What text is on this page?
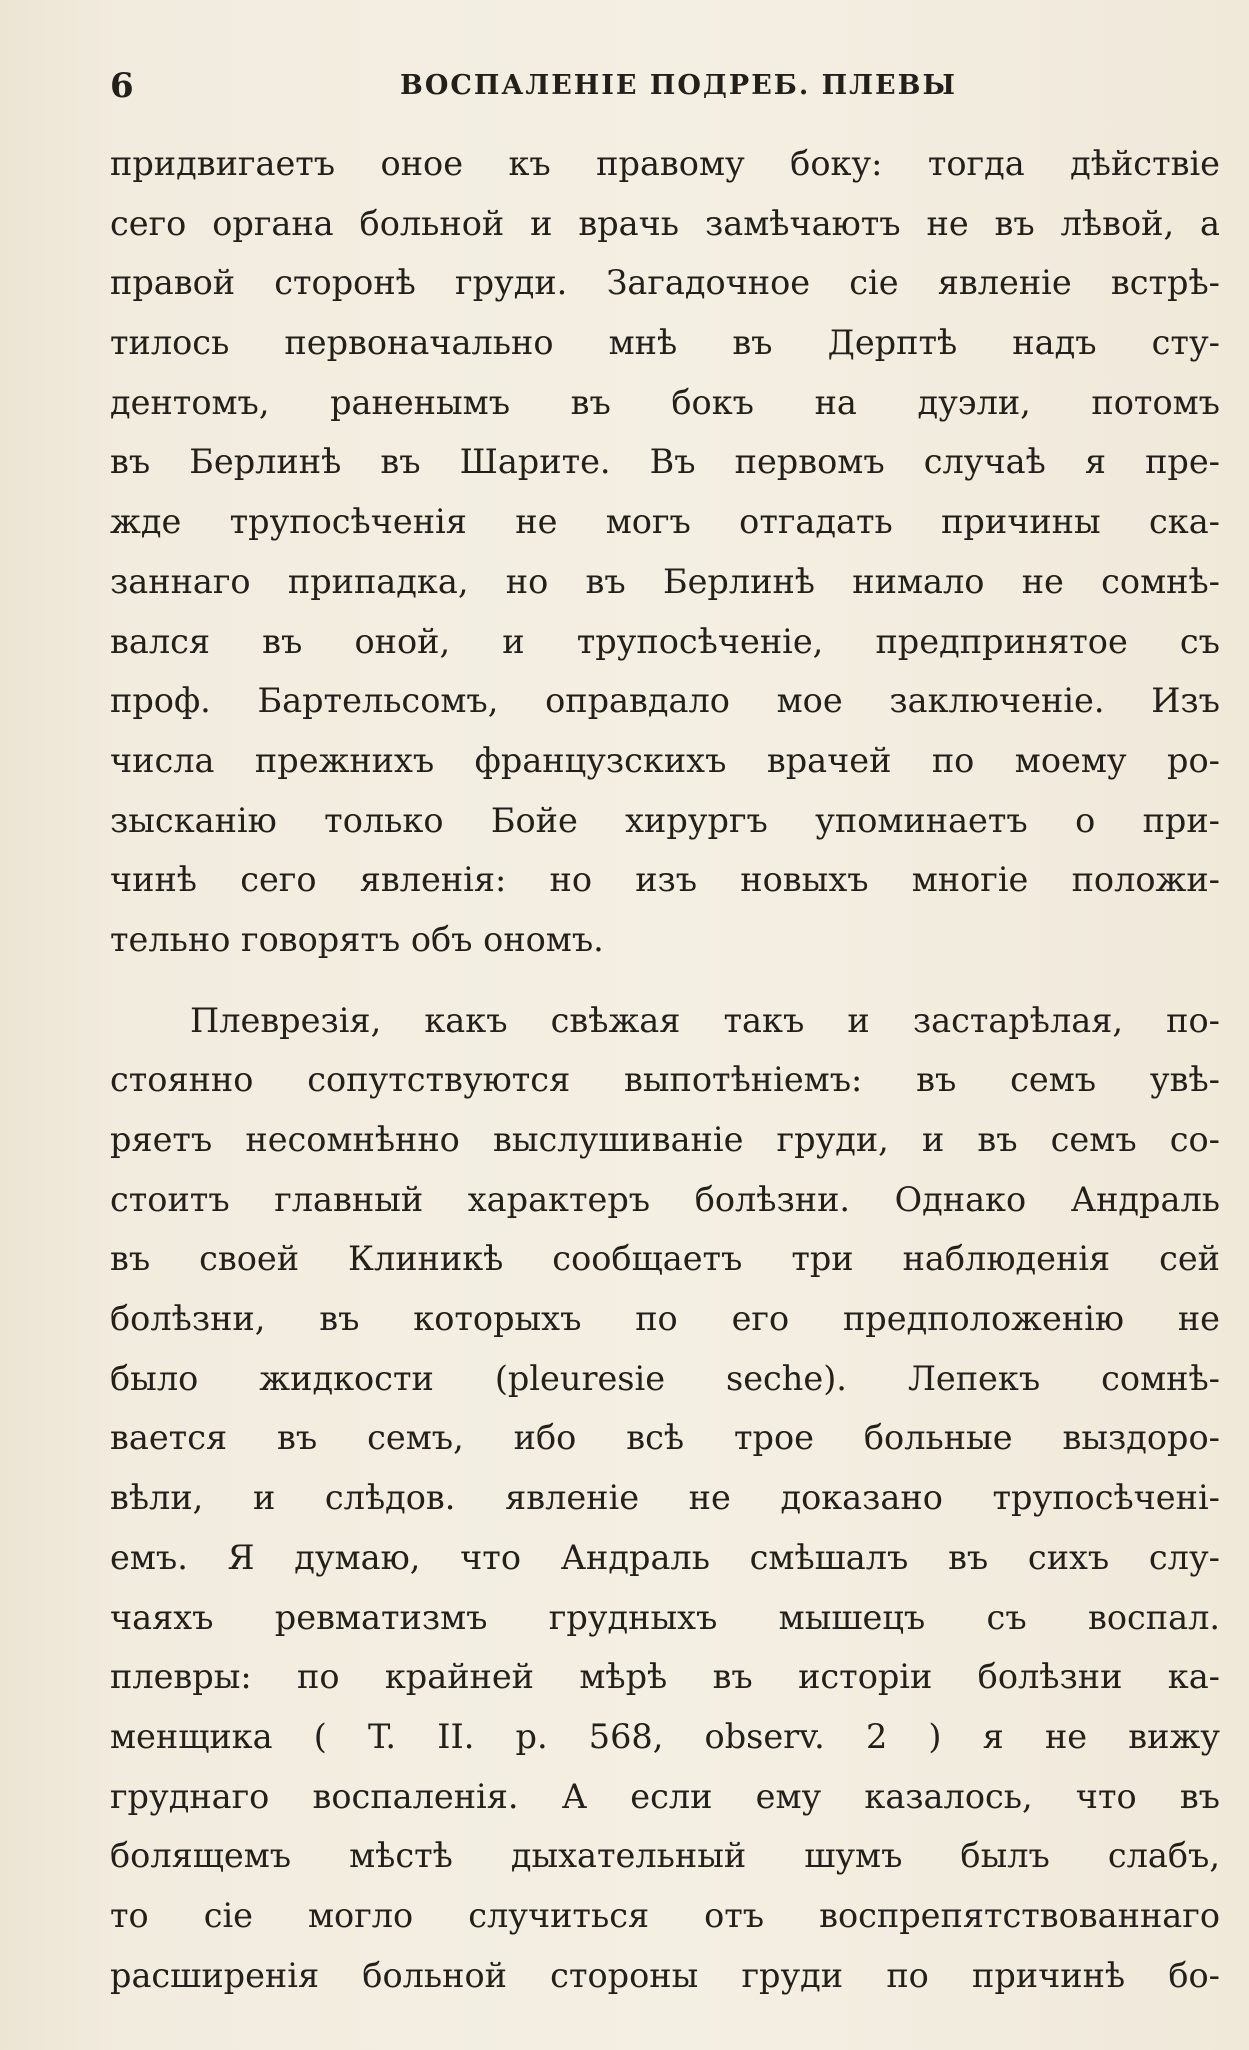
6	ВОСПАЛЕНІЕ ПОДРЕБ. ПЛЕВЫ
придвигаетъ оное къ правому боку: тогда дѣйствіе
сего органа больной и врачь замѣчаютъ не въ лѣвой, а
правой сторонѣ груди. Загадочное сіе явленіе встрѣ-
тилось первоначально мнѣ въ Дерптѣ надъ сту-
дентомъ, раненымъ въ бокъ на дуэли, потомъ
въ Берлинѣ въ Шарите. Въ первомъ случаѣ я пре-
жде трупосѣченія не могъ отгадать причины ска-
заннаго припадка, но въ Берлинѣ нимало не сомнѣ-
вался въ оной, и трупосѣченіе, предпринятое съ
проф. Бартельсомъ, оправдало мое заключеніе. Изъ
числа прежнихъ французскихъ врачей по моему ро-
зысканію только Бойе хирургъ упоминаетъ о при-
чинѣ сего явленія: но изъ новыхъ многіе положи-
тельно говорятъ объ ономъ.
Плеврезія, какъ свѣжая такъ и застарѣлая, по-
стоянно сопутствуются выпотѣніемъ: въ семъ увѣ-
ряетъ несомнѣнно выслушиваніе груди, и въ семъ со-
стоитъ главный характеръ болѣзни. Однако Андраль
въ своей Клиникѣ сообщаетъ три наблюденія сей
болѣзни, въ которыхъ по его предположенію не
было жидкости (pleuresie seche). Лепекъ сомнѣ-
вается въ семъ, ибо всѣ трое больные выздоро-
вѣли, и слѣдов. явленіе не доказано трупосѣчені-
емъ. Я думаю, что Андраль смѣшалъ въ сихъ слу-
чаяхъ ревматизмъ грудныхъ мышецъ съ воспал.
плевры: по крайней мѣрѣ въ исторіи болѣзни ка-
менщика ( T. II. p. 568, observ. 2 ) я не вижу
груднаго воспаленія. А если ему казалось, что въ
болящемъ мѣстѣ дыхательный шумъ былъ слабъ,
то сіе могло случиться отъ воспрепятствованнаго
расширенія больной стороны груди по причинѣ бо-
